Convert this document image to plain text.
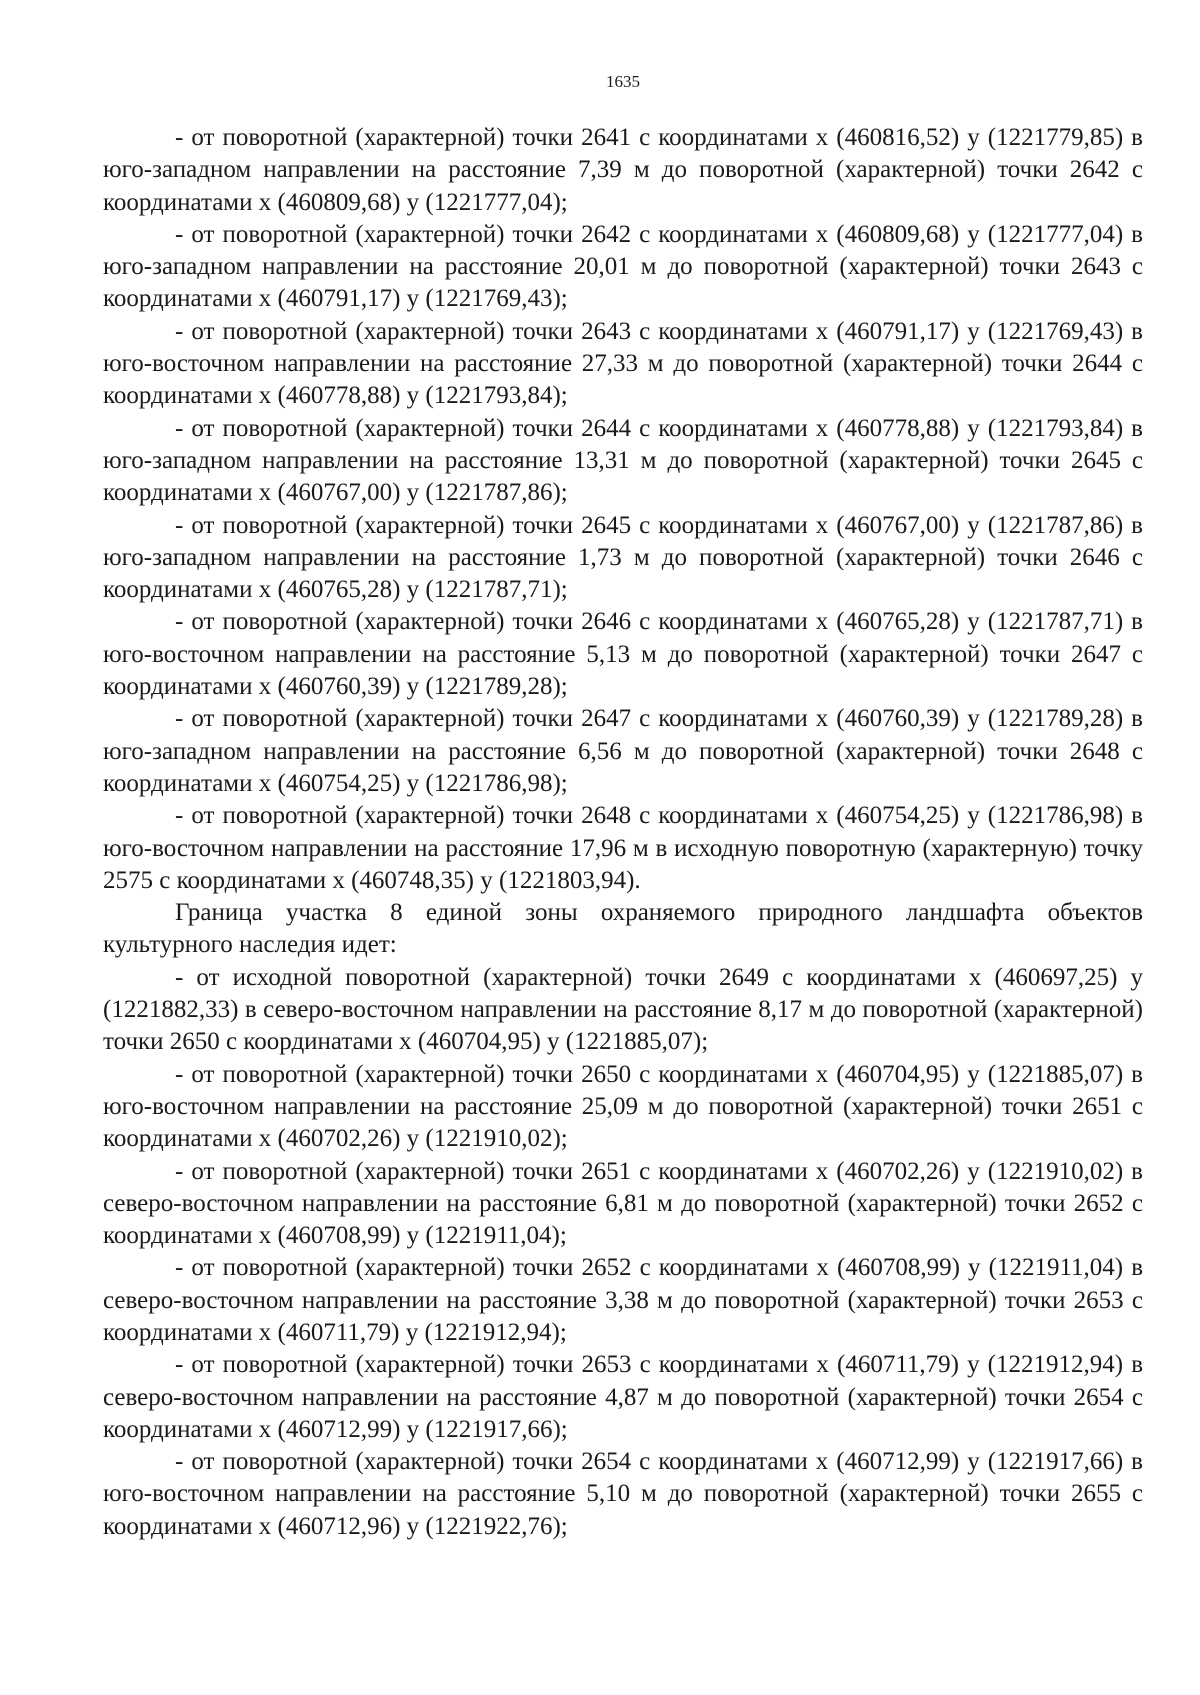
1635

- от поворотной (характерной) точки 2641 с координатами х (460816,52) у (1221779,85) в юго-западном направлении на расстояние 7,39 м до поворотной (характерной) точки 2642 с координатами х (460809,68) у (1221777,04);

- от поворотной (характерной) точки 2642 с координатами х (460809,68) у (1221777,04) в юго-западном направлении на расстояние 20,01 м до поворотной (характерной) точки 2643 с координатами х (460791,17) у (1221769,43);

- от поворотной (характерной) точки 2643 с координатами х (460791,17) у (1221769,43) в юго-восточном направлении на расстояние 27,33 м до поворотной (характерной) точки 2644 с координатами х (460778,88) у (1221793,84);

- от поворотной (характерной) точки 2644 с координатами х (460778,88) у (1221793,84) в юго-западном направлении на расстояние 13,31 м до поворотной (характерной) точки 2645 с координатами х (460767,00) у (1221787,86);

- от поворотной (характерной) точки 2645 с координатами х (460767,00) у (1221787,86) в юго-западном направлении на расстояние 1,73 м до поворотной (характерной) точки 2646 с координатами х (460765,28) у (1221787,71);

- от поворотной (характерной) точки 2646 с координатами х (460765,28) у (1221787,71) в юго-восточном направлении на расстояние 5,13 м до поворотной (характерной) точки 2647 с координатами х (460760,39) у (1221789,28);

- от поворотной (характерной) точки 2647 с координатами х (460760,39) у (1221789,28) в юго-западном направлении на расстояние 6,56 м до поворотной (характерной) точки 2648 с координатами х (460754,25) у (1221786,98);

- от поворотной (характерной) точки 2648 с координатами х (460754,25) у (1221786,98) в юго-восточном направлении на расстояние 17,96 м в исходную поворотную (характерную) точку 2575 с координатами х (460748,35) у (1221803,94).

Граница участка 8 единой зоны охраняемого природного ландшафта объектов культурного наследия идет:

- от исходной поворотной (характерной) точки 2649 с координатами х (460697,25) у (1221882,33) в северо-восточном направлении на расстояние 8,17 м до поворотной (характерной) точки 2650 с координатами х (460704,95) у (1221885,07);

- от поворотной (характерной) точки 2650 с координатами х (460704,95) у (1221885,07) в юго-восточном направлении на расстояние 25,09 м до поворотной (характерной) точки 2651 с координатами х (460702,26) у (1221910,02);

- от поворотной (характерной) точки 2651 с координатами х (460702,26) у (1221910,02) в северо-восточном направлении на расстояние 6,81 м до поворотной (характерной) точки 2652 с координатами х (460708,99) у (1221911,04);

- от поворотной (характерной) точки 2652 с координатами х (460708,99) у (1221911,04) в северо-восточном направлении на расстояние 3,38 м до поворотной (характерной) точки 2653 с координатами х (460711,79) у (1221912,94);

- от поворотной (характерной) точки 2653 с координатами х (460711,79) у (1221912,94) в северо-восточном направлении на расстояние 4,87 м до поворотной (характерной) точки 2654 с координатами х (460712,99) у (1221917,66);

- от поворотной (характерной) точки 2654 с координатами х (460712,99) у (1221917,66) в юго-восточном направлении на расстояние 5,10 м до поворотной (характерной) точки 2655 с координатами х (460712,96) у (1221922,76);
